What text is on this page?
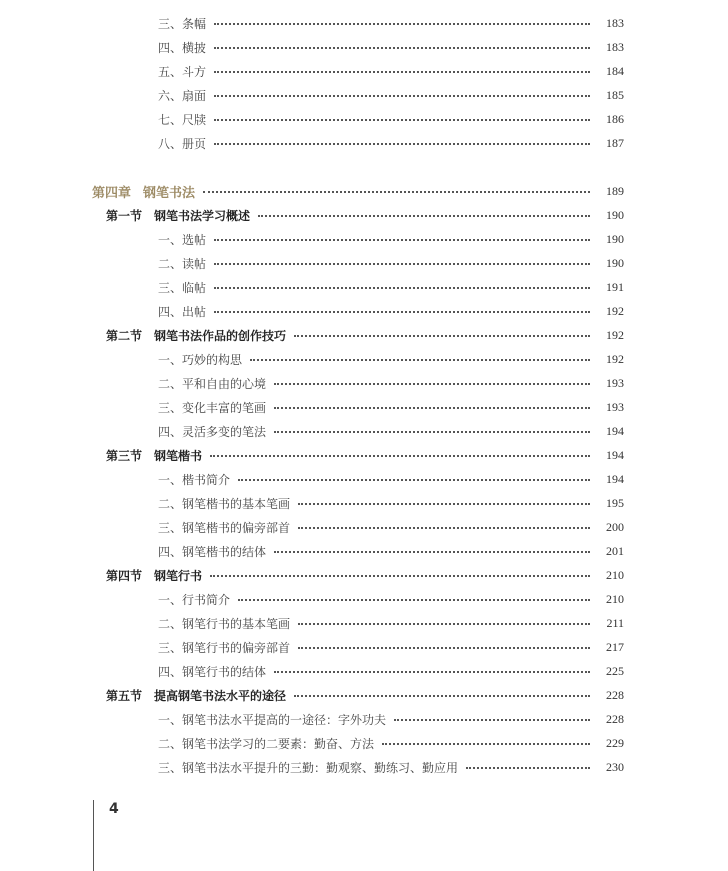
三、条幅	183
四、横披	183
五、斗方	184
六、扇面	185
七、尺牍	186
八、册页	187
第四章 钢笔书法	189
第一节 钢笔书法学习概述	190
一、选帖	190
二、读帖	190
三、临帖	191
四、出帖	192
第二节 钢笔书法作品的创作技巧	192
一、巧妙的构思	192
二、平和自由的心境	193
三、变化丰富的笔画	193
四、灵活多变的笔法	194
第三节 钢笔楷书	194
一、楷书简介	194
二、钢笔楷书的基本笔画	195
三、钢笔楷书的偏旁部首	200
四、钢笔楷书的结体	201
第四节 钢笔行书	210
一、行书简介	210
二、钢笔行书的基本笔画	211
三、钢笔行书的偏旁部首	217
四、钢笔行书的结体	225
第五节 提高钢笔书法水平的途径	228
一、钢笔书法水平提高的一途径：字外功夫	228
二、钢笔书法学习的二要素：勤奋、方法	229
三、钢笔书法水平提升的三勤：勤观察、勤练习、勤应用	230
4
